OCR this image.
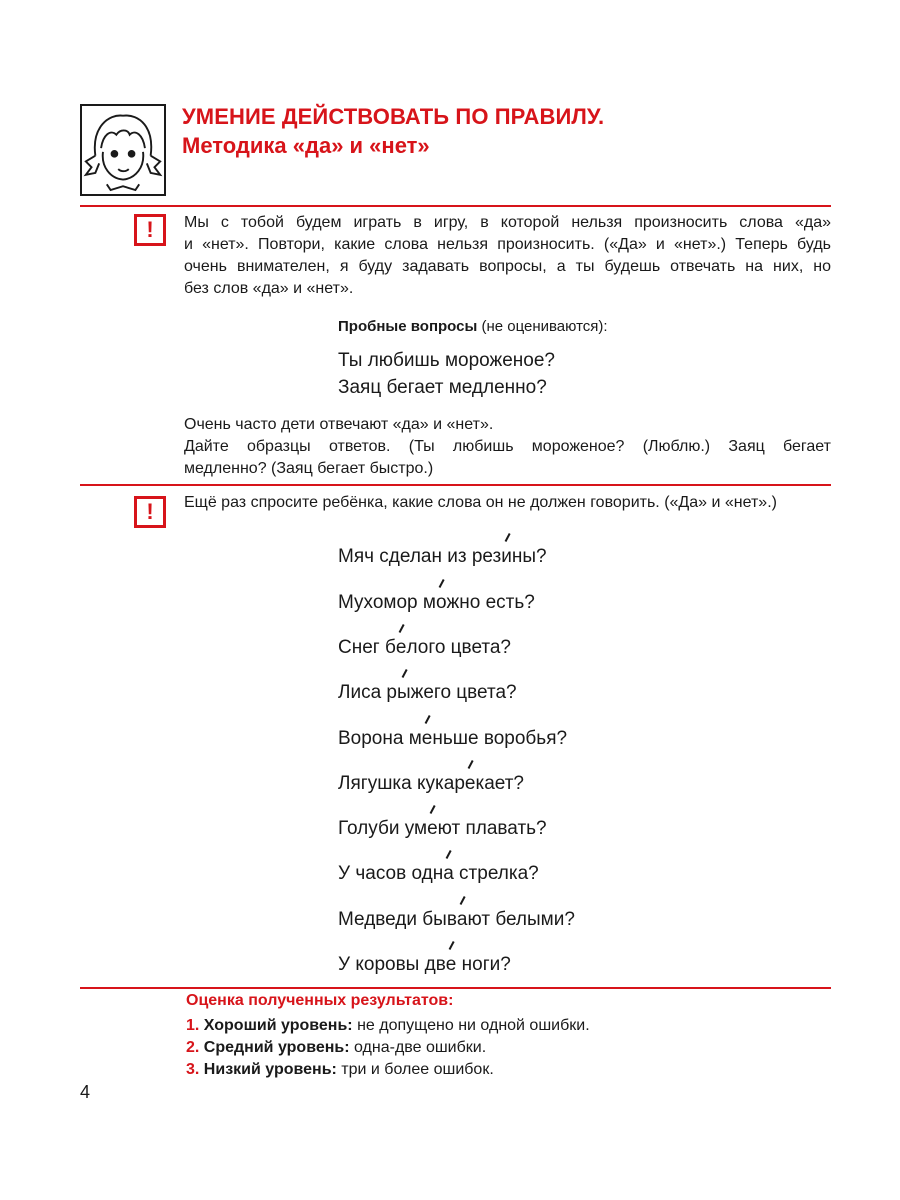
УМЕНИЕ ДЕЙСТВОВАТЬ ПО ПРАВИЛУ.
Методика «да» и «нет»
!	Мы с тобой будем играть в игру, в которой нельзя произносить слова «да»
и «нет». Повтори, какие слова нельзя произносить. («Да» и «нет».) Теперь будь
очень внимателен, я буду задавать вопросы, а ты будешь отвечать на них, но
без слов «да» и «нет».
Пробные вопросы (не оцениваются):
Ты любишь мороженое?
Заяц бегает медленно?
Очень часто дети отвечают «да» и «нет».
Дайте образцы ответов. (Ты любишь мороженое? (Люблю.) Заяц бегает
медленно? (Заяц бегает быстро.)
!	Ещё раз спросите ребёнка, какие слова он не должен говорить. («Да» и «нет».)
Мяч сделан из резины?
Мухомор можно есть?
Снег белого цвета?
Лиса рыжего цвета?
Ворона меньше воробья?
Лягушка кукарекает?
Голуби умеют плавать?
У часов одна стрелка?
Медведи бывают белыми?
У коровы две ноги?
Оценка полученных результатов:
1. Хороший уровень: не допущено ни одной ошибки.
2. Средний уровень: одна-две ошибки.
3. Низкий уровень: три и более ошибок.
4
